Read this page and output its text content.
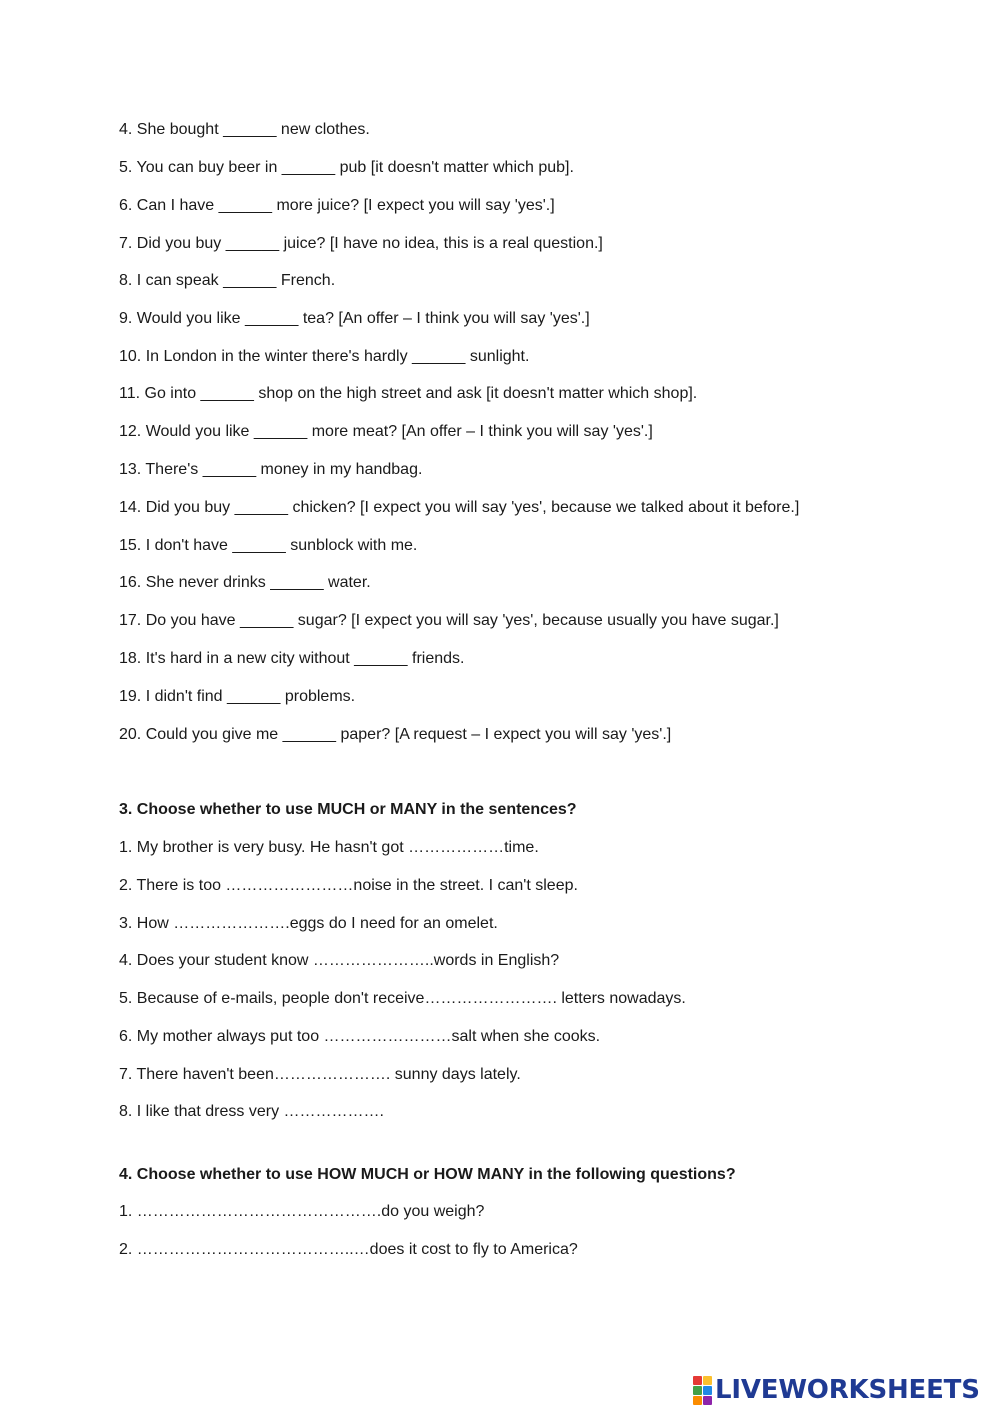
4. She bought ______ new clothes.
5. You can buy beer in ______ pub [it doesn't matter which pub].
6. Can I have ______ more juice? [I expect you will say 'yes'.]
7. Did you buy ______ juice? [I have no idea, this is a real question.]
8. I can speak ______ French.
9. Would you like ______ tea? [An offer – I think you will say 'yes'.]
10. In London in the winter there's hardly ______ sunlight.
11. Go into ______ shop on the high street and ask [it doesn't matter which shop].
12. Would you like ______ more meat? [An offer – I think you will say 'yes'.]
13. There's ______ money in my handbag.
14. Did you buy ______ chicken? [I expect you will say 'yes', because we talked about it before.]
15. I don't have ______ sunblock with me.
16. She never drinks ______ water.
17. Do you have ______ sugar? [I expect you will say 'yes', because usually you have sugar.]
18. It's hard in a new city without ______ friends.
19. I didn't find ______ problems.
20. Could you give me ______ paper? [A request – I expect you will say 'yes'.]
3. Choose whether to use MUCH or MANY in the sentences?
1. My brother is very busy. He hasn't got ………………time.
2. There is too ……………………noise in the street. I can't sleep.
3. How ………………….eggs do I need for an omelet.
4. Does your student know …………………..words in English?
5. Because of e-mails, people don't receive……………………. letters nowadays.
6. My mother always put too ……………………salt when she cooks.
7. There haven't been…………………. sunny days lately.
8. I like that dress very ……………….
4. Choose whether to use HOW MUCH or HOW MANY in the following questions?
1. ……………………………………….do you weigh?
2. …………………………………..…does it cost to fly to America?
LIVEWORKSHEETS
